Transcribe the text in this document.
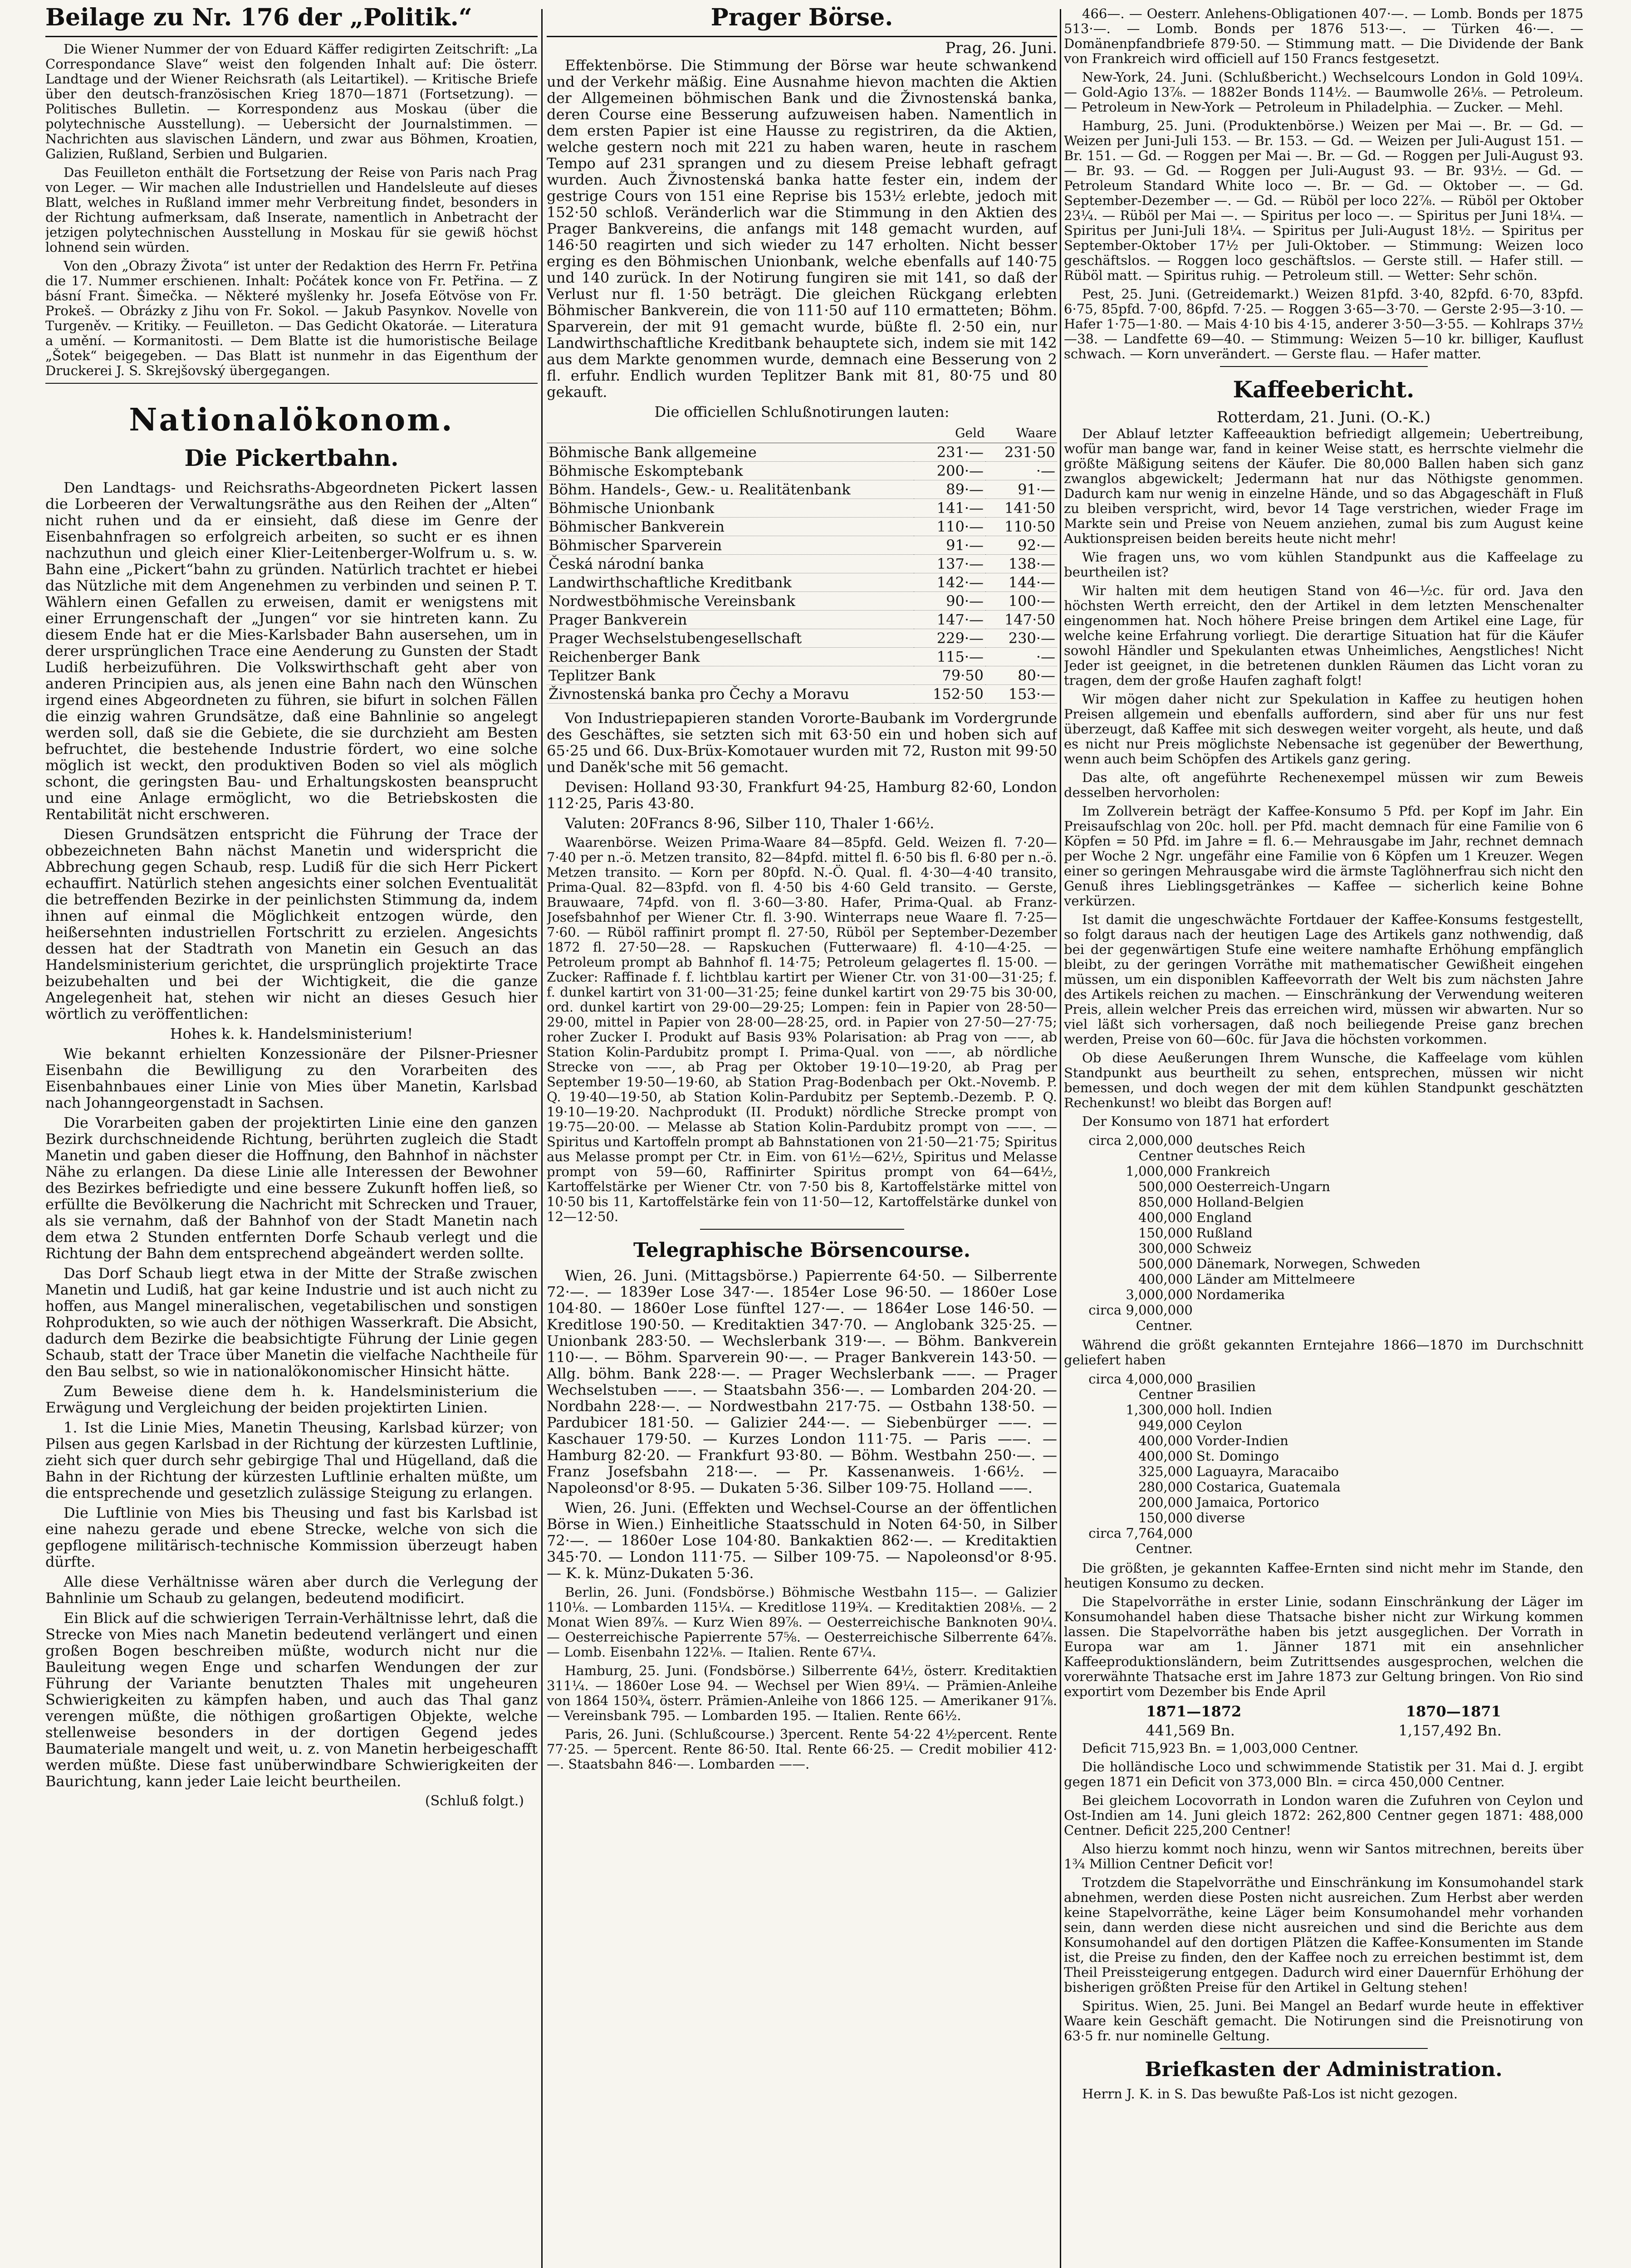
Beilage zu Nr. 176 der „Politik.“

Die Wiener Nummer der von Eduard Käffer redigirten Zeitschrift: „La Correspondance Slave“ weist den folgenden Inhalt auf: Die österr. Landtage und der Wiener Reichsrath (als Leitartikel). — Kritische Briefe über den deutsch-französischen Krieg 1870—1871 (Fortsetzung). — Politisches Bulletin. — Korrespondenz aus Moskau (über die polytechnische Ausstellung). — Uebersicht der Journalstimmen. — Nachrichten aus slavischen Ländern, und zwar aus Böhmen, Kroatien, Galizien, Rußland, Serbien und Bulgarien.

Das Feuilleton enthält die Fortsetzung der Reise von Paris nach Prag von Leger. — Wir machen alle Industriellen und Handelsleute auf dieses Blatt, welches in Rußland immer mehr Verbreitung findet, besonders in der Richtung aufmerksam, daß Inserate, namentlich in Anbetracht der jetzigen polytechnischen Ausstellung in Moskau für sie gewiß höchst lohnend sein würden.

Von den „Obrazy Života“ ist unter der Redaktion des Herrn Fr. Petřina die 17. Nummer erschienen. Inhalt: Počátek konce von Fr. Petřina. — Z básní Frant. Šimečka. — Některé myšlenky hr. Josefa Eötvöse von Fr. Prokeš. — Obrázky z Jihu von Fr. Sokol. — Jakub Pasynkov. Novelle von Turgeněv. — Kritiky. — Feuilleton. — Das Gedicht Okatoráe. — Literatura a umění. — Kormanitosti. — Dem Blatte ist die humoristische Beilage „Šotek“ beigegeben. — Das Blatt ist nunmehr in das Eigenthum der Druckerei J. S. Skrejšovský übergegangen.

Nationalökonom.
Die Pickertbahn.

Den Landtags- und Reichsraths-Abgeordneten Pickert lassen die Lorbeeren der Verwaltungsräthe aus den Reihen der „Alten“ nicht ruhen und da er einsieht, daß diese im Genre der Eisenbahnfragen so erfolgreich arbeiten, so sucht er es ihnen nachzuthun und gleich einer Klier-Leitenberger-Wolfrum u. s. w. Bahn eine „Pickert“bahn zu gründen. Natürlich trachtet er hiebei das Nützliche mit dem Angenehmen zu verbinden und seinen P. T. Wählern einen Gefallen zu erweisen, damit er wenigstens mit einer Errungenschaft der „Jungen“ vor sie hintreten kann. Zu diesem Ende hat er die Mies-Karlsbader Bahn ausersehen, um in derer ursprünglichen Trace eine Aenderung zu Gunsten der Stadt Ludiß herbeizuführen. Die Volkswirthschaft geht aber von anderen Principien aus, als jenen eine Bahn nach den Wünschen irgend eines Abgeordneten zu führen, sie bifurt in solchen Fällen die einzig wahren Grundsätze, daß eine Bahnlinie so angelegt werden soll, daß sie die Gebiete, die sie durchzieht am Besten befruchtet, die bestehende Industrie fördert, wo eine solche möglich ist weckt, den produktiven Boden so viel als möglich schont, die geringsten Bau- und Erhaltungskosten beansprucht und eine Anlage ermöglicht, wo die Betriebskosten die Rentabilität nicht erschweren.

Diesen Grundsätzen entspricht die Führung der Trace der obbezeichneten Bahn nächst Manetin und widerspricht die Abbrechung gegen Schaub, resp. Ludiß für die sich Herr Pickert echauffirt. Natürlich stehen angesichts einer solchen Eventualität die betreffenden Bezirke in der peinlichsten Stimmung da, indem ihnen auf einmal die Möglichkeit entzogen würde, den heißersehnten industriellen Fortschritt zu erzielen. Angesichts dessen hat der Stadtrath von Manetin ein Gesuch an das Handelsministerium gerichtet, die ursprünglich projektirte Trace beizubehalten und bei der Wichtigkeit, die die ganze Angelegenheit hat, stehen wir nicht an dieses Gesuch hier wörtlich zu veröffentlichen:

Hohes k. k. Handelsministerium!

Wie bekannt erhielten Konzessionäre der Pilsner-Priesner Eisenbahn die Bewilligung zu den Vorarbeiten des Eisenbahnbaues einer Linie von Mies über Manetin, Karlsbad nach Johanngeorgenstadt in Sachsen.

Die Vorarbeiten gaben der projektirten Linie eine den ganzen Bezirk durchschneidende Richtung, berührten zugleich die Stadt Manetin und gaben dieser die Hoffnung, den Bahnhof in nächster Nähe zu erlangen. Da diese Linie alle Interessen der Bewohner des Bezirkes befriedigte und eine bessere Zukunft hoffen ließ, so erfüllte die Bevölkerung die Nachricht mit Schrecken und Trauer, als sie vernahm, daß der Bahnhof von der Stadt Manetin nach dem etwa 2 Stunden entfernten Dorfe Schaub verlegt und die Richtung der Bahn dem entsprechend abgeändert werden sollte.

Das Dorf Schaub liegt etwa in der Mitte der Straße zwischen Manetin und Ludiß, hat gar keine Industrie und ist auch nicht zu hoffen, aus Mangel mineralischen, vegetabilischen und sonstigen Rohprodukten, so wie auch der nöthigen Wasserkraft. Die Absicht, dadurch dem Bezirke die beabsichtigte Führung der Linie gegen Schaub, statt der Trace über Manetin die vielfache Nachtheile für den Bau selbst, so wie in nationalökonomischer Hinsicht hätte.

Zum Beweise diene dem h. k. Handelsministerium die Erwägung und Vergleichung der beiden projektirten Linien.

1. Ist die Linie Mies, Manetin Theusing, Karlsbad kürzer; von Pilsen aus gegen Karlsbad in der Richtung der kürzesten Luftlinie, zieht sich quer durch sehr gebirgige Thal und Hügelland, daß die Bahn in der Richtung der kürzesten Luftlinie erhalten müßte, um die entsprechende und gesetzlich zulässige Steigung zu erlangen.

Die Luftlinie von Mies bis Theusing und fast bis Karlsbad ist eine nahezu gerade und ebene Strecke, welche von sich die gepflogene militärisch-technische Kommission überzeugt haben dürfte.

Alle diese Verhältnisse wären aber durch die Verlegung der Bahnlinie um Schaub zu gelangen, bedeutend modificirt.

Ein Blick auf die schwierigen Terrain-Verhältnisse lehrt, daß die Strecke von Mies nach Manetin bedeutend verlängert und einen großen Bogen beschreiben müßte, wodurch nicht nur die Bauleitung wegen Enge und scharfen Wendungen der zur Führung der Variante benutzten Thales mit ungeheuren Schwierigkeiten zu kämpfen haben, und auch das Thal ganz verengen müßte, die nöthigen großartigen Objekte, welche stellenweise besonders in der dortigen Gegend jedes Baumateriale mangelt und weit, u. z. von Manetin herbeigeschafft werden müßte. Diese fast unüberwindbare Schwierigkeiten der Baurichtung, kann jeder Laie leicht beurtheilen.

(Schluß folgt.)
Prager Börse.
Prag, 26. Juni.

Effektenbörse. Die Stimmung der Börse war heute schwankend und der Verkehr mäßig. Eine Ausnahme hievon machten die Aktien der Allgemeinen böhmischen Bank und die Živnostenská banka, deren Course eine Besserung aufzuweisen haben. Namentlich in dem ersten Papier ist eine Hausse zu registriren, da die Aktien, welche gestern noch mit 221 zu haben waren, heute in raschem Tempo auf 231 sprangen und zu diesem Preise lebhaft gefragt wurden. Auch Živnostenská banka hatte fester ein, indem der gestrige Cours von 151 eine Reprise bis 153½ erlebte, jedoch mit 152·50 schloß. Veränderlich war die Stimmung in den Aktien des Prager Bankvereins, die anfangs mit 148 gemacht wurden, auf 146·50 reagirten und sich wieder zu 147 erholten. Nicht besser erging es den Böhmischen Unionbank, welche ebenfalls auf 140·75 und 140 zurück. In der Notirung fungiren sie mit 141, so daß der Verlust nur fl. 1·50 beträgt. Die gleichen Rückgang erlebten Böhmischer Bankverein, die von 111·50 auf 110 ermatteten; Böhm. Sparverein, der mit 91 gemacht wurde, büßte fl. 2·50 ein, nur Landwirthschaftliche Kreditbank behauptete sich, indem sie mit 142 aus dem Markte genommen wurde, demnach eine Besserung von 2 fl. erfuhr. Endlich wurden Teplitzer Bank mit 81, 80·75 und 80 gekauft.

Die officiellen Schlußnotirungen lauten:

	Geld	Waare
Böhmische Bank allgemeine	231·—	231·50
Böhmische Eskomptebank	200·—	·—
Böhm. Handels-, Gew.- u. Realitätenbank	89·—	91·—
Böhmische Unionbank	141·—	141·50
Böhmischer Bankverein	110·—	110·50
Böhmischer Sparverein	91·—	92·—
Česká národní banka	137·—	138·—
Landwirthschaftliche Kreditbank	142·—	144·—
Nordwestböhmische Vereinsbank	90·—	100·—
Prager Bankverein	147·—	147·50
Prager Wechselstubengesellschaft	229·—	230·—
Reichenberger Bank	115·—	·—
Teplitzer Bank	79·50	80·—
Živnostenská banka pro Čechy a Moravu	152·50	153·—

Von Industriepapieren standen Vororte-Baubank im Vordergrunde des Geschäftes, sie setzten sich mit 63·50 ein und hoben sich auf 65·25 und 66. Dux-Brüx-Komotauer wurden mit 72, Ruston mit 99·50 und Daněk'sche mit 56 gemacht.

Devisen: Holland 93·30, Frankfurt 94·25, Hamburg 82·60, London 112·25, Paris 43·80.

Valuten: 20Francs 8·96, Silber 110, Thaler 1·66½.

Waarenbörse. Weizen Prima-Waare 84—85pfd. Geld. Weizen fl. 7·20—7·40 per n.-ö. Metzen transito, 82—84pfd. mittel fl. 6·50 bis fl. 6·80 per n.-ö. Metzen transito. — Korn per 80pfd. N.-Ö. Qual. fl. 4·30—4·40 transito, Prima-Qual. 82—83pfd. von fl. 4·50 bis 4·60 Geld transito. — Gerste, Brauwaare, 74pfd. von fl. 3·60—3·80. Hafer, Prima-Qual. ab Franz-Josefsbahnhof per Wiener Ctr. fl. 3·90. Winterraps neue Waare fl. 7·25—7·60. — Rüböl raffinirt prompt fl. 27·50, Rüböl per September-Dezember 1872 fl. 27·50—28. — Rapskuchen (Futterwaare) fl. 4·10—4·25. — Petroleum prompt ab Bahnhof fl. 14·75; Petroleum gelagertes fl. 15·00. — Zucker: Raffinade f. f. lichtblau kartirt per Wiener Ctr. von 31·00—31·25; f. f. dunkel kartirt von 31·00—31·25; feine dunkel kartirt von 29·75 bis 30·00, ord. dunkel kartirt von 29·00—29·25; Lompen: fein in Papier von 28·50—29·00, mittel in Papier von 28·00—28·25, ord. in Papier von 27·50—27·75; roher Zucker I. Produkt auf Basis 93% Polarisation: ab Prag von ——, ab Station Kolin-Pardubitz prompt I. Prima-Qual. von ——, ab nördliche Strecke von ——, ab Prag per Oktober 19·10—19·20, ab Prag per September 19·50—19·60, ab Station Prag-Bodenbach per Okt.-Novemb. P. Q. 19·40—19·50, ab Station Kolin-Pardubitz per Septemb.-Dezemb. P. Q. 19·10—19·20. Nachprodukt (II. Produkt) nördliche Strecke prompt von 19·75—20·00. — Melasse ab Station Kolin-Pardubitz prompt von ——. — Spiritus und Kartoffeln prompt ab Bahnstationen von 21·50—21·75; Spiritus aus Melasse prompt per Ctr. in Eim. von 61½—62½, Spiritus und Melasse prompt von 59—60, Raffinirter Spiritus prompt von 64—64½, Kartoffelstärke per Wiener Ctr. von 7·50 bis 8, Kartoffelstärke mittel von 10·50 bis 11, Kartoffelstärke fein von 11·50—12, Kartoffelstärke dunkel von 12—12·50.

Telegraphische Börsencourse.

Wien, 26. Juni. (Mittagsbörse.) Papierrente 64·50. — Silberrente 72·—. — 1839er Lose 347·—. 1854er Lose 96·50. — 1860er Lose 104·80. — 1860er Lose fünftel 127·—. — 1864er Lose 146·50. — Kreditlose 190·50. — Kreditaktien 347·70. — Anglobank 325·25. — Unionbank 283·50. — Wechslerbank 319·—. — Böhm. Bankverein 110·—. — Böhm. Sparverein 90·—. — Prager Bankverein 143·50. — Allg. böhm. Bank 228·—. — Prager Wechslerbank ——. — Prager Wechselstuben ——. — Staatsbahn 356·—. — Lombarden 204·20. — Nordbahn 228·—. — Nordwestbahn 217·75. — Ostbahn 138·50. — Pardubicer 181·50. — Galizier 244·—. — Siebenbürger ——. — Kaschauer 179·50. — Kurzes London 111·75. — Paris ——. — Hamburg 82·20. — Frankfurt 93·80. — Böhm. Westbahn 250·—. — Franz Josefsbahn 218·—. — Pr. Kassenanweis. 1·66½. — Napoleonsd'or 8·95. — Dukaten 5·36. Silber 109·75. Holland ——.

Wien, 26. Juni. (Effekten und Wechsel-Course an der öffentlichen Börse in Wien.) Einheitliche Staatsschuld in Noten 64·50, in Silber 72·—. — 1860er Lose 104·80. Bankaktien 862·—. — Kreditaktien 345·70. — London 111·75. — Silber 109·75. — Napoleonsd'or 8·95. — K. k. Münz-Dukaten 5·36.

Berlin, 26. Juni. (Fondsbörse.) Böhmische Westbahn 115—. — Galizier 110⅛. — Lombarden 115¼. — Kreditlose 119¾. — Kreditaktien 208⅛. — 2 Monat Wien 89⅞. — Kurz Wien 89⅞. — Oesterreichische Banknoten 90¼. — Oesterreichische Papierrente 57⅝. — Oesterreichische Silberrente 64⅞. — Lomb. Eisenbahn 122⅛. — Italien. Rente 67¼.

Hamburg, 25. Juni. (Fondsbörse.) Silberrente 64½, österr. Kreditaktien 311¼. — 1860er Lose 94. — Wechsel per Wien 89¼. — Prämien-Anleihe von 1864 150¾, österr. Prämien-Anleihe von 1866 125. — Amerikaner 91⅞. — Vereinsbank 795. — Lombarden 195. — Italien. Rente 66½.

Paris, 26. Juni. (Schlußcourse.) 3percent. Rente 54·22 4½percent. Rente 77·25. — 5percent. Rente 86·50. Ital. Rente 66·25. — Credit mobilier 412·—. Staatsbahn 846·—. Lombarden ——.

466—. — Oesterr. Anlehens-Obligationen 407·—. — Lomb. Bonds per 1875 513·—. — Lomb. Bonds per 1876 513·—. — Türken 46·—. — Domänenpfandbriefe 879·50. — Stimmung matt. — Die Dividende der Bank von Frankreich wird officiell auf 150 Francs festgesetzt.

New-York, 24. Juni. (Schlußbericht.) Wechselcours London in Gold 109¼. — Gold-Agio 13⅞. — 1882er Bonds 114½. — Baumwolle 26⅛. — Petroleum. — Petroleum in New-York — Petroleum in Philadelphia. — Zucker. — Mehl.

Hamburg, 25. Juni. (Produktenbörse.) Weizen per Mai —. Br. — Gd. — Weizen per Juni-Juli 153. — Br. 153. — Gd. — Weizen per Juli-August 151. — Br. 151. — Gd. — Roggen per Mai —. Br. — Gd. — Roggen per Juli-August 93. — Br. 93. — Gd. — Roggen per Juli-August 93. — Br. 93½. — Gd. — Petroleum Standard White loco —. Br. — Gd. — Oktober —. — Gd. September-Dezember —. — Gd. — Rüböl per loco 22⅞. — Rüböl per Oktober 23¼. — Rüböl per Mai —. — Spiritus per loco —. — Spiritus per Juni 18¼. — Spiritus per Juni-Juli 18¼. — Spiritus per Juli-August 18½. — Spiritus per September-Oktober 17½ per Juli-Oktober. — Stimmung: Weizen loco geschäftslos. — Roggen loco geschäftslos. — Gerste still. — Hafer still. — Rüböl matt. — Spiritus ruhig. — Petroleum still. — Wetter: Sehr schön.

Pest, 25. Juni. (Getreidemarkt.) Weizen 81pfd. 3·40, 82pfd. 6·70, 83pfd. 6·75, 85pfd. 7·00, 86pfd. 7·25. — Roggen 3·65—3·70. — Gerste 2·95—3·10. — Hafer 1·75—1·80. — Mais 4·10 bis 4·15, anderer 3·50—3·55. — Kohlraps 37½—38. — Landfette 69—40. — Stimmung: Weizen 5—10 kr. billiger, Kauflust schwach. — Korn unverändert. — Gerste flau. — Hafer matter.

Kaffeebericht.
Rotterdam, 21. Juni. (O.-K.)

Der Ablauf letzter Kaffeeauktion befriedigt allgemein; Uebertreibung, wofür man bange war, fand in keiner Weise statt, es herrschte vielmehr die größte Mäßigung seitens der Käufer. Die 80,000 Ballen haben sich ganz zwanglos abgewickelt; Jedermann hat nur das Nöthigste genommen. Dadurch kam nur wenig in einzelne Hände, und so das Abgageschäft in Fluß zu bleiben verspricht, wird, bevor 14 Tage verstrichen, wieder Frage im Markte sein und Preise von Neuem anziehen, zumal bis zum August keine Auktionspreisen beiden bereits heute nicht mehr!

Wie fragen uns, wo vom kühlen Standpunkt aus die Kaffeelage zu beurtheilen ist?

Wir halten mit dem heutigen Stand von 46—½c. für ord. Java den höchsten Werth erreicht, den der Artikel in dem letzten Menschenalter eingenommen hat. Noch höhere Preise bringen dem Artikel eine Lage, für welche keine Erfahrung vorliegt. Die derartige Situation hat für die Käufer sowohl Händler und Spekulanten etwas Unheimliches, Aengstliches! Nicht Jeder ist geeignet, in die betretenen dunklen Räumen das Licht voran zu tragen, dem der große Haufen zaghaft folgt!

Wir mögen daher nicht zur Spekulation in Kaffee zu heutigen hohen Preisen allgemein und ebenfalls auffordern, sind aber für uns nur fest überzeugt, daß Kaffee mit sich deswegen weiter vorgeht, als heute, und daß es nicht nur Preis möglichste Nebensache ist gegenüber der Bewerthung, wenn auch beim Schöpfen des Artikels ganz gering.

Das alte, oft angeführte Rechenexempel müssen wir zum Beweis desselben hervorholen:

Im Zollverein beträgt der Kaffee-Konsumo 5 Pfd. per Kopf im Jahr. Ein Preisaufschlag von 20c. holl. per Pfd. macht demnach für eine Familie von 6 Köpfen = 50 Pfd. im Jahre = fl. 6.— Mehrausgabe im Jahr, rechnet demnach per Woche 2 Ngr. ungefähr eine Familie von 6 Köpfen um 1 Kreuzer. Wegen einer so geringen Mehrausgabe wird die ärmste Taglöhnerfrau sich nicht den Genuß ihres Lieblingsgetränkes — Kaffee — sicherlich keine Bohne verkürzen.

Ist damit die ungeschwächte Fortdauer der Kaffee-Konsums festgestellt, so folgt daraus nach der heutigen Lage des Artikels ganz nothwendig, daß bei der gegenwärtigen Stufe eine weitere namhafte Erhöhung empfänglich bleibt, zu der geringen Vorräthe mit mathematischer Gewißheit eingehen müssen, um ein disponiblen Kaffeevorrath der Welt bis zum nächsten Jahre des Artikels reichen zu machen. — Einschränkung der Verwendung weiteren Preis, allein welcher Preis das erreichen wird, müssen wir abwarten. Nur so viel läßt sich vorhersagen, daß noch beiliegende Preise ganz brechen werden, Preise von 60—60c. für Java die höchsten vorkommen.

Ob diese Aeußerungen Ihrem Wunsche, die Kaffeelage vom kühlen Standpunkt aus beurtheilt zu sehen, entsprechen, müssen wir nicht bemessen, und doch wegen der mit dem kühlen Standpunkt geschätzten Rechenkunst! wo bleibt das Borgen auf!

Der Konsumo von 1871 hat erfordert

circa 2,000,000 Centner	deutsches Reich
1,000,000	Frankreich
500,000	Oesterreich-Ungarn
850,000	Holland-Belgien
400,000	England
150,000	Rußland
300,000	Schweiz
500,000	Dänemark, Norwegen, Schweden
400,000	Länder am Mittelmeere
3,000,000	Nordamerika
circa 9,000,000 Centner.	

Während die größt gekannten Erntejahre 1866—1870 im Durchschnitt geliefert haben

circa 4,000,000 Centner	Brasilien
1,300,000	holl. Indien
949,000	Ceylon
400,000	Vorder-Indien
400,000	St. Domingo
325,000	Laguayra, Maracaibo
280,000	Costarica, Guatemala
200,000	Jamaica, Portorico
150,000	diverse
circa 7,764,000 Centner.	

Die größten, je gekannten Kaffee-Ernten sind nicht mehr im Stande, den heutigen Konsumo zu decken.

Die Stapelvorräthe in erster Linie, sodann Einschränkung der Läger im Konsumohandel haben diese Thatsache bisher nicht zur Wirkung kommen lassen. Die Stapelvorräthe haben bis jetzt ausgeglichen. Der Vorrath in Europa war am 1. Jänner 1871 mit ein ansehnlicher Kaffeeproduktionsländern, beim Zutrittsendes ausgesprochen, welchen die vorerwähnte Thatsache erst im Jahre 1873 zur Geltung bringen. Von Rio sind exportirt vom Dezember bis Ende April

1871—1872	1870—1871
441,569 Bn.	1,157,492 Bn.

Deficit 715,923 Bn. = 1,003,000 Centner.

Die holländische Loco und schwimmende Statistik per 31. Mai d. J. ergibt gegen 1871 ein Deficit von 373,000 Bln. = circa 450,000 Centner.

Bei gleichem Locovorrath in London waren die Zufuhren von Ceylon und Ost-Indien am 14. Juni gleich 1872: 262,800 Centner gegen 1871: 488,000 Centner. Deficit 225,200 Centner!

Also hierzu kommt noch hinzu, wenn wir Santos mitrechnen, bereits über 1¾ Million Centner Deficit vor!

Trotzdem die Stapelvorräthe und Einschränkung im Konsumohandel stark abnehmen, werden diese Posten nicht ausreichen. Zum Herbst aber werden keine Stapelvorräthe, keine Läger beim Konsumohandel mehr vorhanden sein, dann werden diese nicht ausreichen und sind die Berichte aus dem Konsumohandel auf den dortigen Plätzen die Kaffee-Konsumenten im Stande ist, die Preise zu finden, den der Kaffee noch zu erreichen bestimmt ist, dem Theil Preissteigerung entgegen. Dadurch wird einer Dauernfür Erhöhung der bisherigen größten Preise für den Artikel in Geltung stehen!

Spiritus. Wien, 25. Juni. Bei Mangel an Bedarf wurde heute in effektiver Waare kein Geschäft gemacht. Die Notirungen sind die Preisnotirung von 63·5 fr. nur nominelle Geltung.

Briefkasten der Administration.

Herrn J. K. in S. Das bewußte Paß-Los ist nicht gezogen.
